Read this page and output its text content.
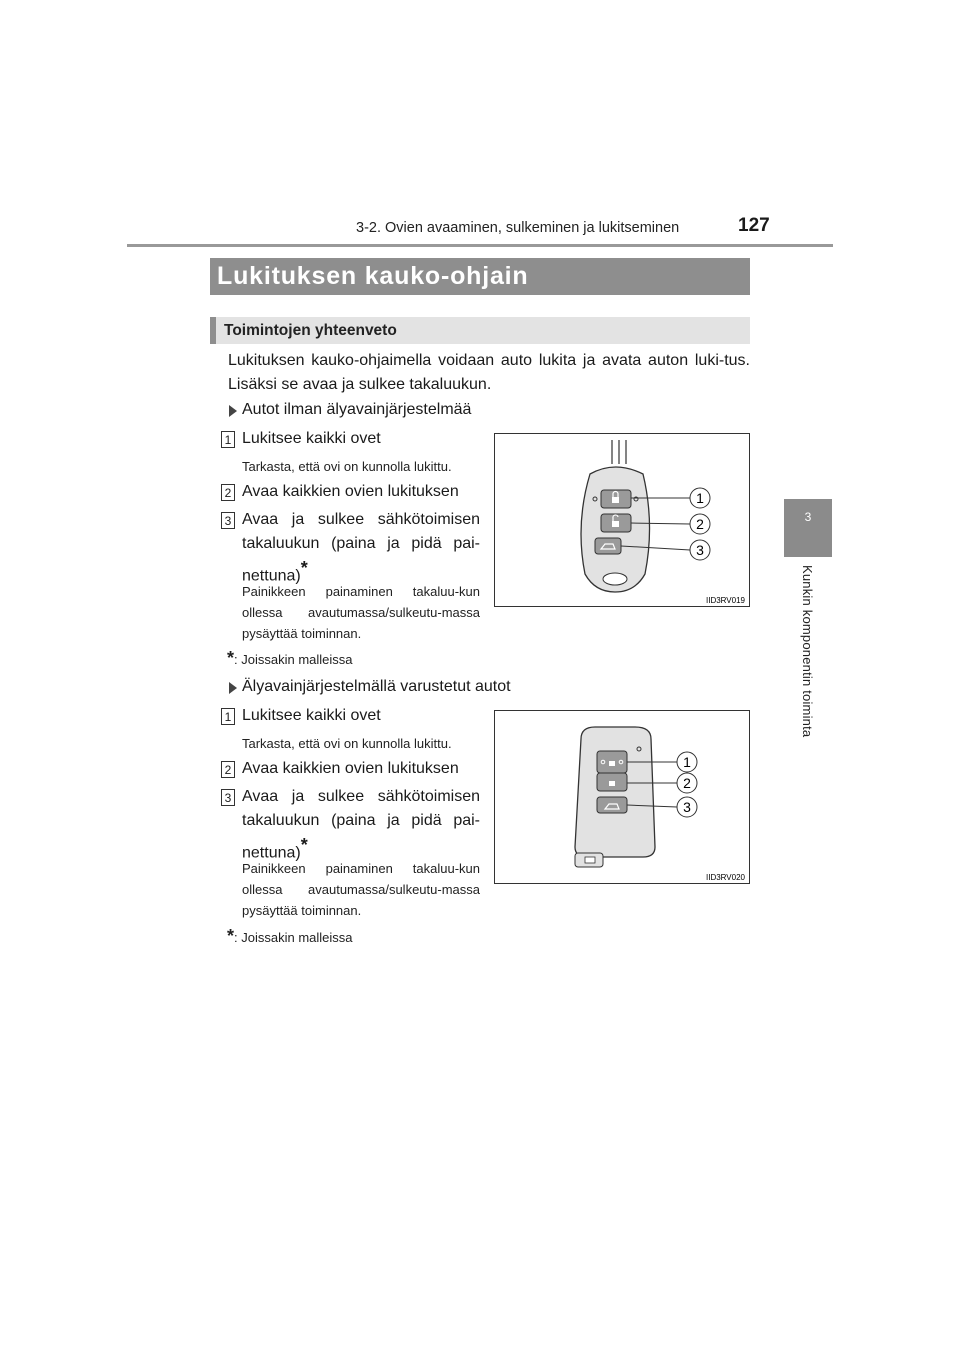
3-2. Ovien avaaminen, sulkeminen ja lukitseminen	127
3
Kunkin komponentin toiminta
Lukituksen kauko-ohjain
Toimintojen yhteenveto
Lukituksen kauko-ohjaimella voidaan auto lukita ja avata auton luki-tus. Lisäksi se avaa ja sulkee takaluukun.
Autot ilman älyavainjärjestelmää
1 Lukitsee kaikki ovet
Tarkasta, että ovi on kunnolla lukittu.
2 Avaa kaikkien ovien lukituksen
3 Avaa ja sulkee sähkötoimisen takaluukun (paina ja pidä pai-nettuna)*
Painikkeen painaminen takaluu-kun ollessa avautumassa/sulkeutu-massa pysäyttää toiminnan.
*: Joissakin malleissa
1
2
3
IID3RV019
Älyavainjärjestelmällä varustetut autot
1 Lukitsee kaikki ovet
Tarkasta, että ovi on kunnolla lukittu.
2 Avaa kaikkien ovien lukituksen
3 Avaa ja sulkee sähkötoimisen takaluukun (paina ja pidä pai-nettuna)*
Painikkeen painaminen takaluu-kun ollessa avautumassa/sulkeutu-massa pysäyttää toiminnan.
*: Joissakin malleissa
1
2
3
IID3RV020
